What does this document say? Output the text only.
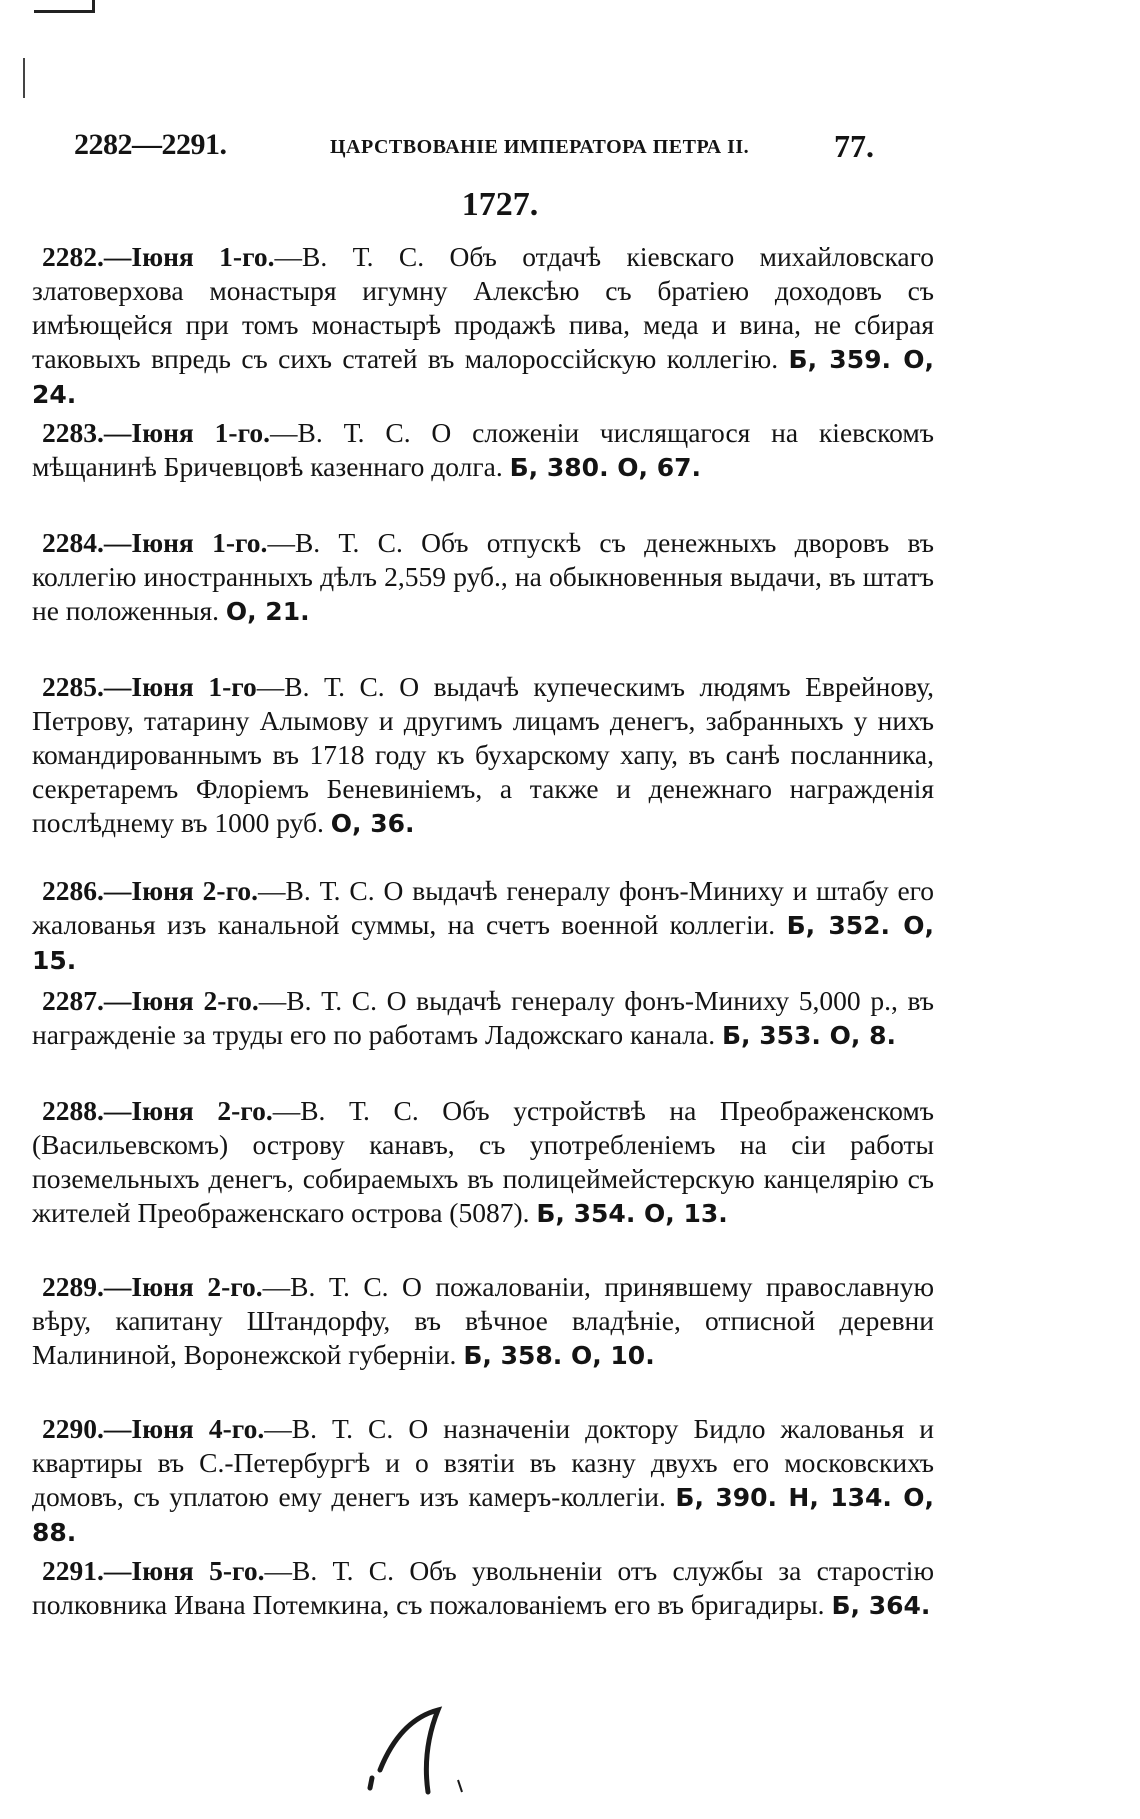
2282—2291.	ЦАРСТВОВАНІЕ ИМПЕРАТОРА ПЕТРА II.	77.
1727.

2282.—Іюня 1-го.—В. Т. С. Объ отдачѣ кіевскаго михайловскаго златоверхова монастыря игумну Алексѣю съ братіею доходовъ съ имѣющейся при томъ монастырѣ продажѣ пива, меда и вина, не сбирая таковыхъ впредь съ сихъ статей въ малороссійскую коллегію. Б, 359. О, 24.

2283.—Іюня 1-го.—В. Т. С. О сложеніи числящагося на кіевскомъ мѣщанинѣ Бричевцовѣ казеннаго долга. Б, 380. О, 67.

2284.—Іюня 1-го.—В. Т. С. Объ отпускѣ съ денежныхъ дворовъ въ коллегію иностранныхъ дѣлъ 2,559 руб., на обыкновенныя выдачи, въ штатъ не положенныя. О, 21.

2285.—Іюня 1-го—В. Т. С. О выдачѣ купеческимъ людямъ Еврейнову, Петрову, татарину Алымову и другимъ лицамъ денегъ, забранныхъ у нихъ командированнымъ въ 1718 году къ бухарскому хапу, въ санѣ посланника, секретаремъ Флоріемъ Беневиніемъ, а также и денежнаго награжденія послѣднему въ 1000 руб. О, 36.

2286.—Іюня 2-го.—В. Т. С. О выдачѣ генералу фонъ-Миниху и штабу его жалованья изъ канальной суммы, на счетъ военной коллегіи. Б, 352. О, 15.

2287.—Іюня 2-го.—В. Т. С. О выдачѣ генералу фонъ-Миниху 5,000 р., въ награжденіе за труды его по работамъ Ладожскаго канала. Б, 353. О, 8.

2288.—Іюня 2-го.—В. Т. С. Объ устройствѣ на Преображенскомъ (Васильевскомъ) острову канавъ, съ употребленіемъ на сіи работы поземельныхъ денегъ, собираемыхъ въ полицеймейстерскую канцелярію съ жителей Преображенскаго острова (5087). Б, 354. О, 13.

2289.—Іюня 2-го.—В. Т. С. О пожалованіи, принявшему православную вѣру, капитану Штандорфу, въ вѣчное владѣніе, отписной деревни Малининой, Воронежской губерніи. Б, 358. О, 10.

2290.—Іюня 4-го.—В. Т. С. О назначеніи доктору Бидло жалованья и квартиры въ С.-Петербургѣ и о взятіи въ казну двухъ его московскихъ домовъ, съ уплатою ему денегъ изъ камеръ-коллегіи. Б, 390. Н, 134. О, 88.

2291.—Іюня 5-го.—В. Т. С. Объ увольненіи отъ службы за старостію полковника Ивана Потемкина, съ пожалованіемъ его въ бригадиры. Б, 364.
